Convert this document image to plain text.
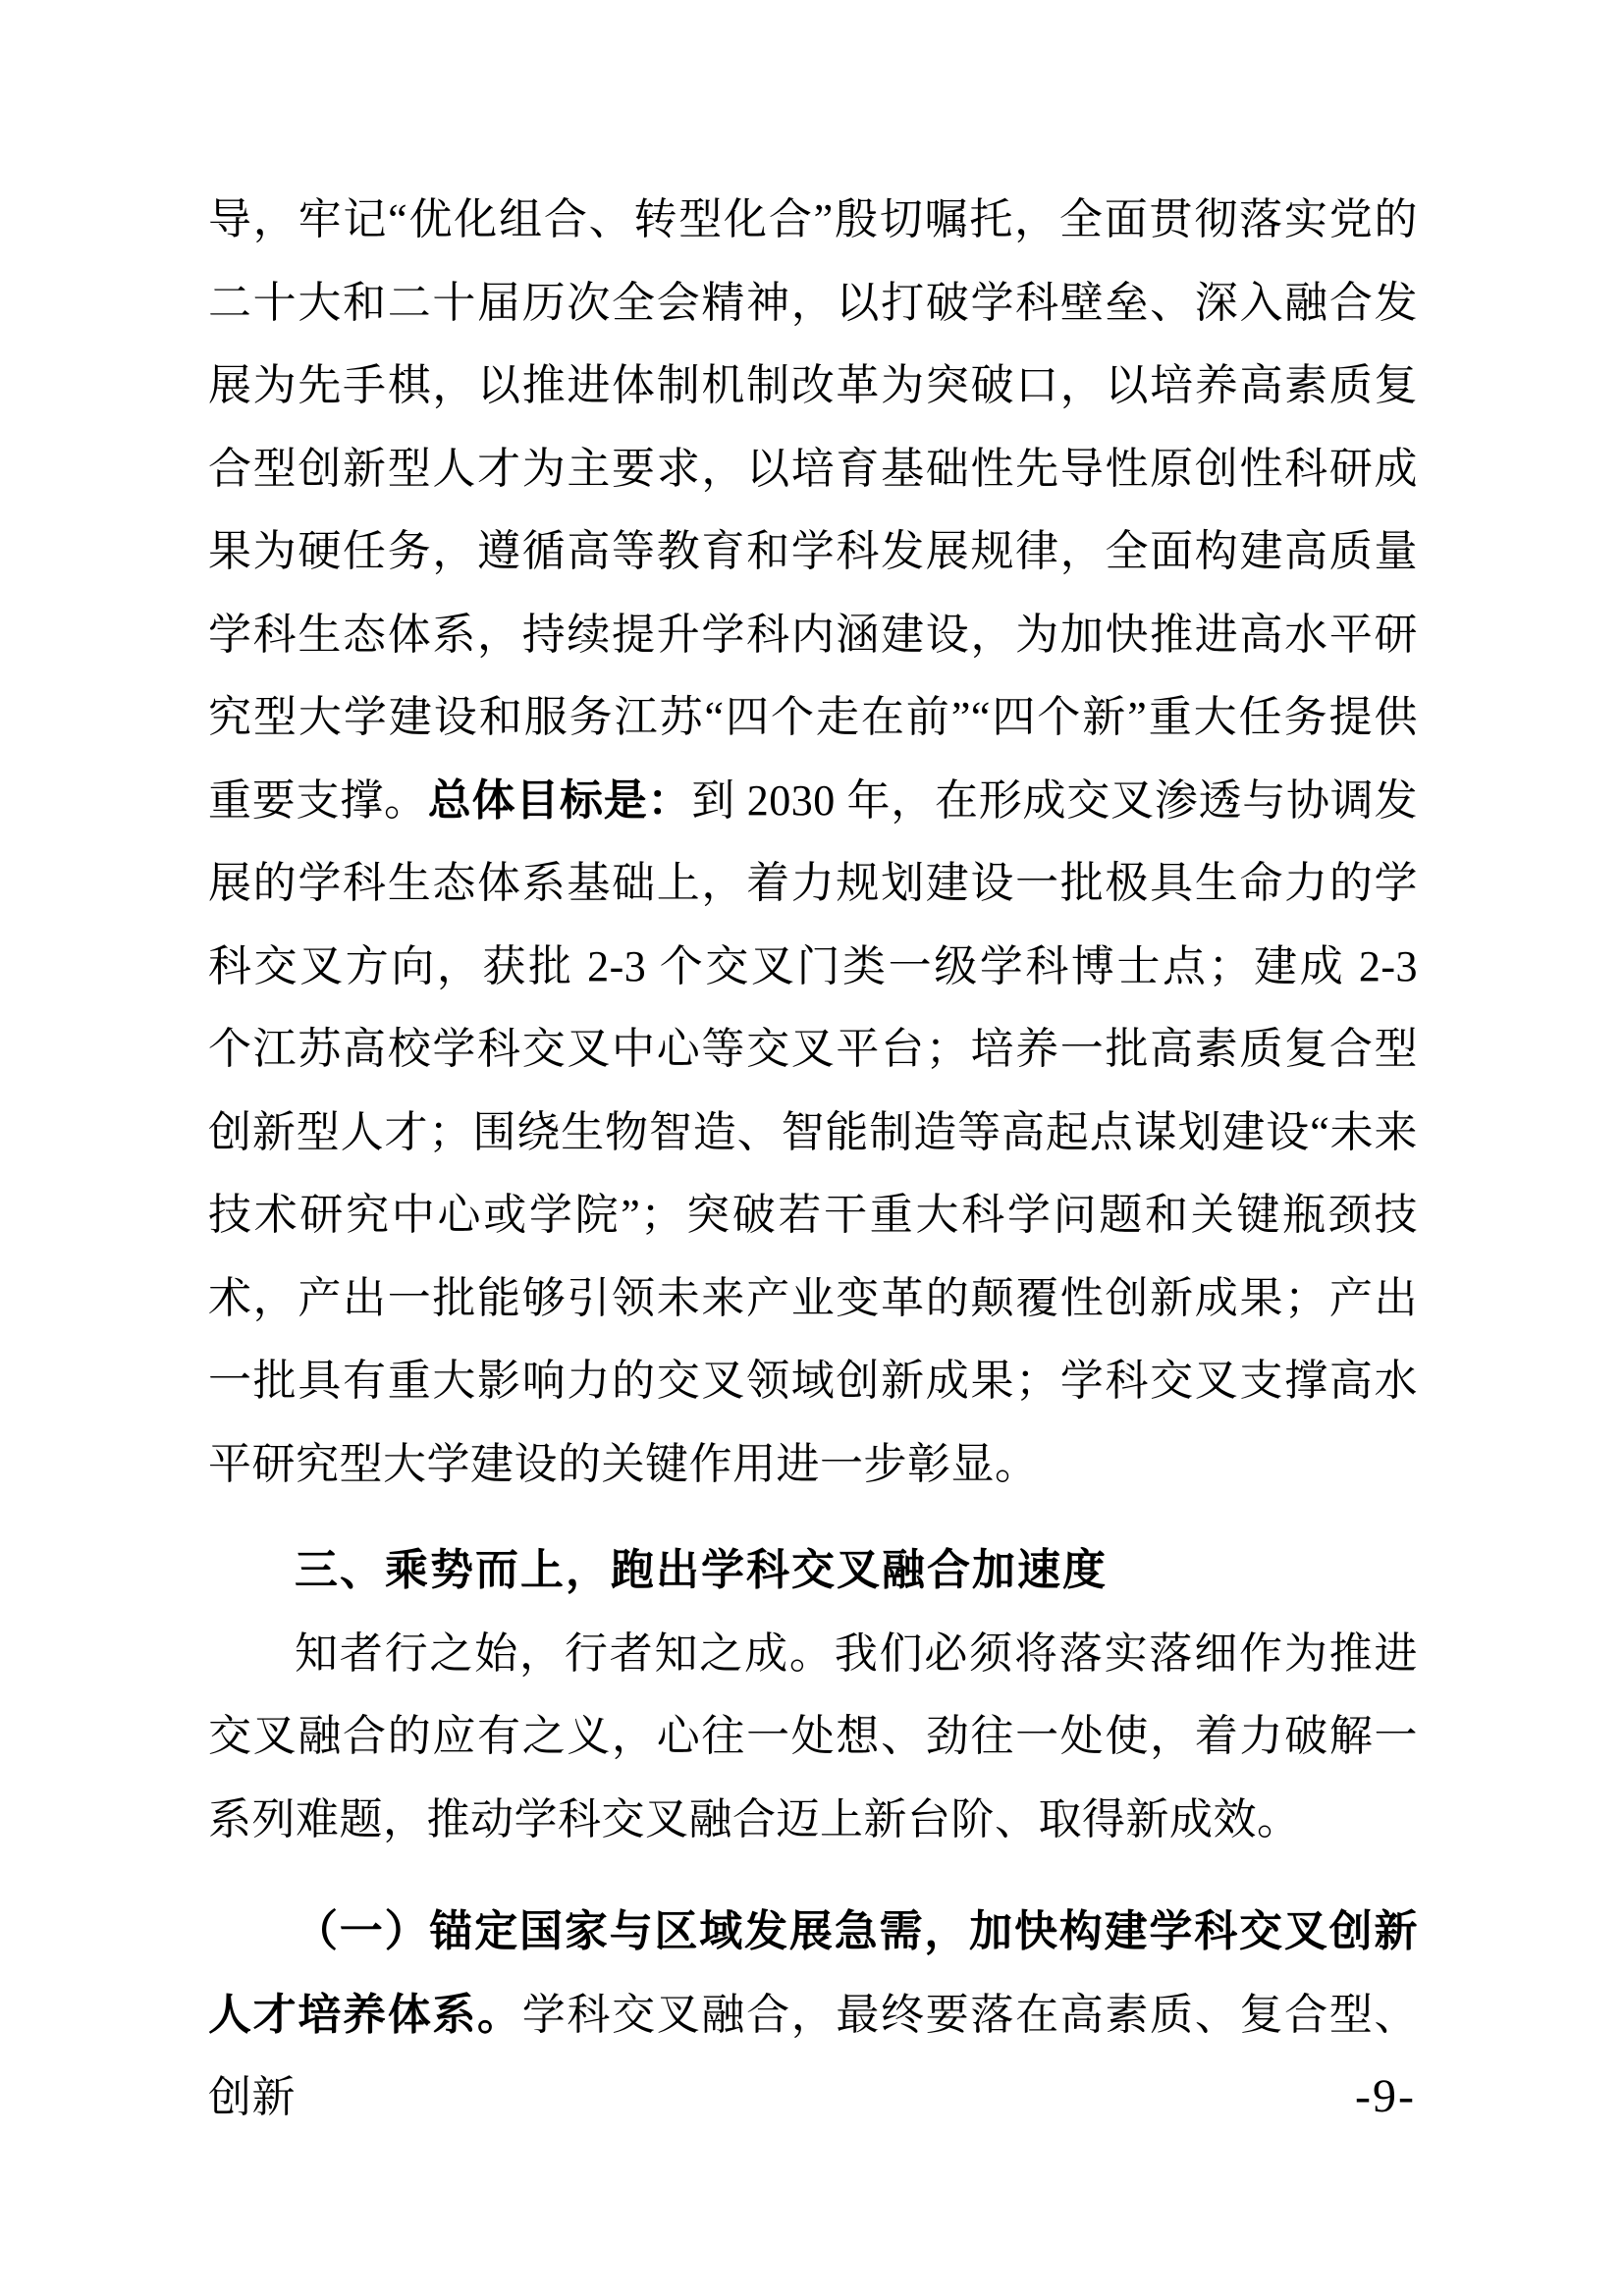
导，牢记“优化组合、转型化合”殷切嘱托，全面贯彻落实党的二十大和二十届历次全会精神，以打破学科壁垒、深入融合发展为先手棋，以推进体制机制改革为突破口，以培养高素质复合型创新型人才为主要求，以培育基础性先导性原创性科研成果为硬任务，遵循高等教育和学科发展规律，全面构建高质量学科生态体系，持续提升学科内涵建设，为加快推进高水平研究型大学建设和服务江苏“四个走在前”“四个新”重大任务提供重要支撑。总体目标是：到 2030 年，在形成交叉渗透与协调发展的学科生态体系基础上，着力规划建设一批极具生命力的学科交叉方向，获批 2-3 个交叉门类一级学科博士点；建成 2-3 个江苏高校学科交叉中心等交叉平台；培养一批高素质复合型创新型人才；围绕生物智造、智能制造等高起点谋划建设“未来技术研究中心或学院”；突破若干重大科学问题和关键瓶颈技术，产出一批能够引领未来产业变革的颠覆性创新成果；产出一批具有重大影响力的交叉领域创新成果；学科交叉支撑高水平研究型大学建设的关键作用进一步彰显。

三、乘势而上，跑出学科交叉融合加速度

知者行之始，行者知之成。我们必须将落实落细作为推进交叉融合的应有之义，心往一处想、劲往一处使，着力破解一系列难题，推动学科交叉融合迈上新台阶、取得新成效。

（一）锚定国家与区域发展急需，加快构建学科交叉创新人才培养体系。学科交叉融合，最终要落在高素质、复合型、创新	-9-
